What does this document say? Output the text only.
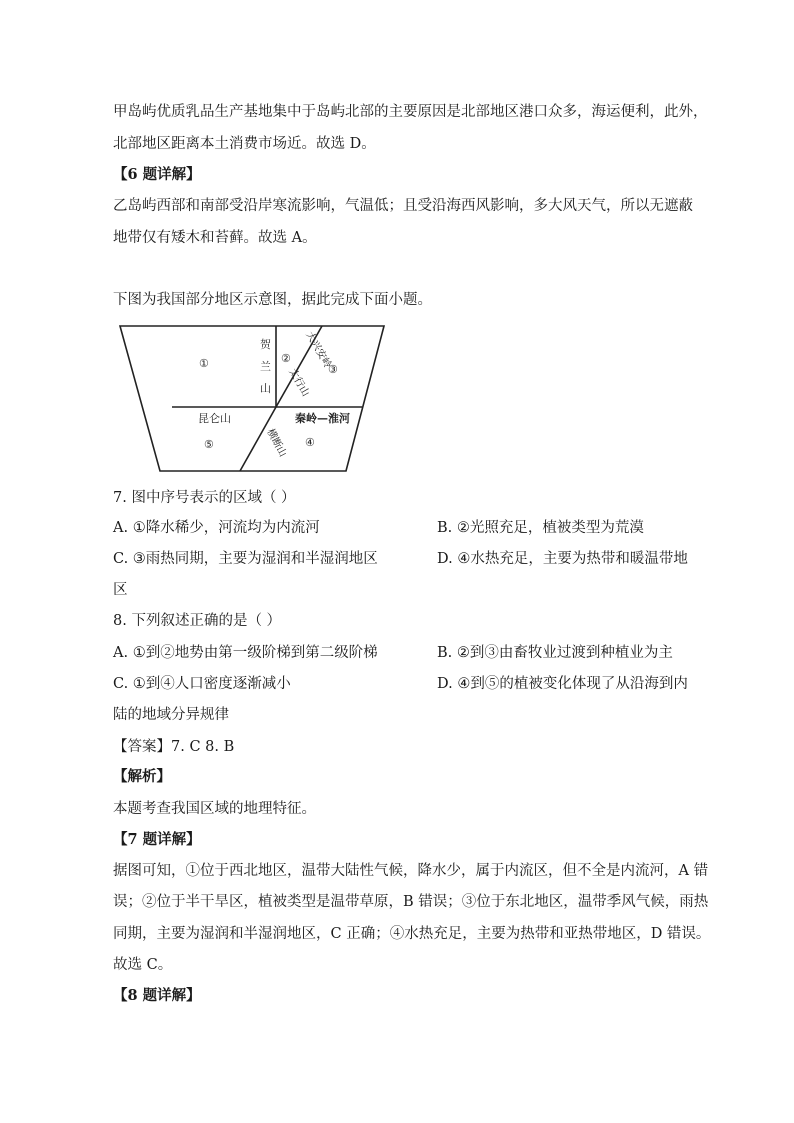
甲岛屿优质乳品生产基地集中于岛屿北部的主要原因是北部地区港口众多，海运便利，此外，
北部地区距离本土消费市场近。故选 D。
【6 题详解】
乙岛屿西部和南部受沿岸寒流影响，气温低；且受沿海西风影响，多大风天气，所以无遮蔽
地带仅有矮木和苔藓。故选 A。
下图为我国部分地区示意图，据此完成下面小题。
①	②
③
④
⑤
贺
兰
山
昆仑山	秦岭—淮河
大兴安岭
太行山
横断山
7. 图中序号表示的区域（ ）
A. ①降水稀少，河流均为内流河	B. ②光照充足，植被类型为荒漠
C. ③雨热同期，主要为湿润和半湿润地区	D. ④水热充足，主要为热带和暖温带地
区
8. 下列叙述正确的是（ ）
A. ①到②地势由第一级阶梯到第二级阶梯	B. ②到③由畜牧业过渡到种植业为主
C. ①到④人口密度逐渐减小	D. ④到⑤的植被变化体现了从沿海到内
陆的地域分异规律
【答案】7. C 8. B
【解析】
本题考查我国区域的地理特征。
【7 题详解】
据图可知，①位于西北地区，温带大陆性气候，降水少，属于内流区，但不全是内流河，A 错
误；②位于半干旱区，植被类型是温带草原，B 错误；③位于东北地区，温带季风气候，雨热
同期，主要为湿润和半湿润地区，C 正确；④水热充足，主要为热带和亚热带地区，D 错误。
故选 C。
【8 题详解】
